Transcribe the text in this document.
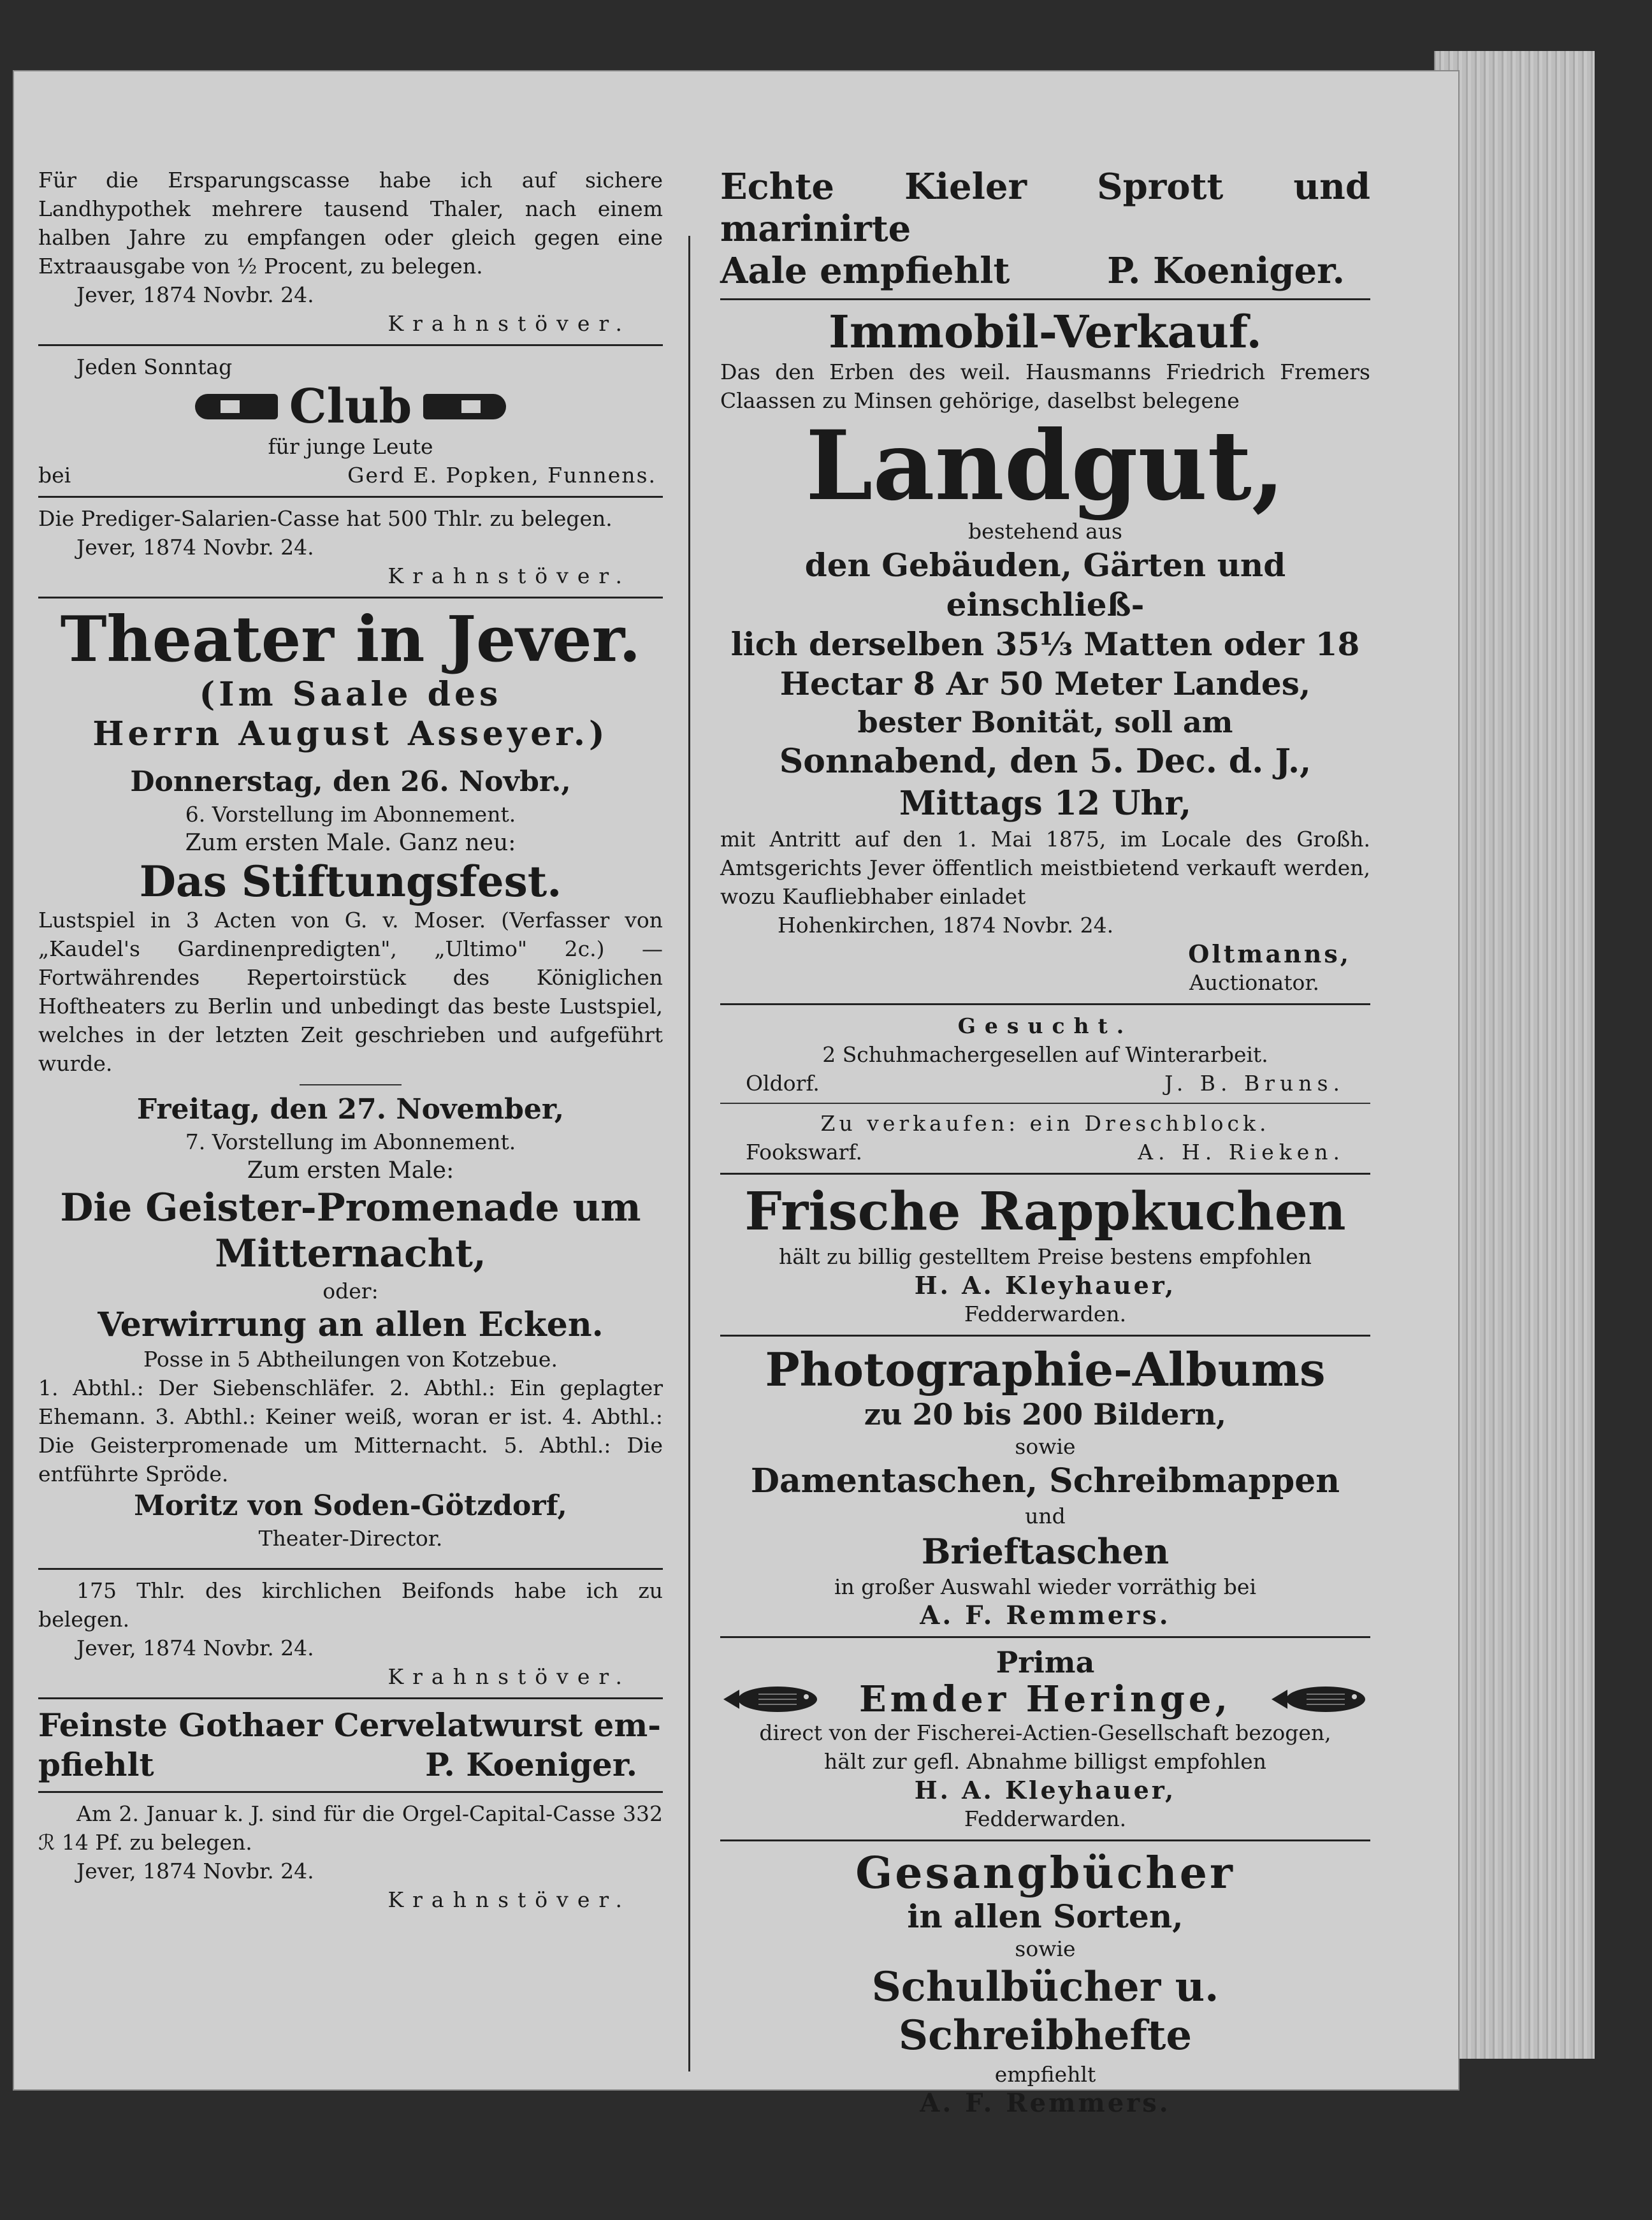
Für die Ersparungscasse habe ich auf sichere Landhypothek mehrere tausend Thaler, nach einem halben Jahre zu empfangen oder gleich gegen eine Extraausgabe von ½ Procent, zu belegen.

Jever, 1874 Novbr. 24.

Krahnstöver.

Jeden Sonntag

Club

für junge Leute

bei	Gerd E. Popken, Funnens.

Die Prediger-Salarien-Casse hat 500 Thlr. zu belegen.

Jever, 1874 Novbr. 24.

Krahnstöver.

Theater in Jever.

(Im Saale des

Herrn August Asseyer.)

Donnerstag, den 26. Novbr.,

6. Vorstellung im Abonnement.

Zum ersten Male. Ganz neu:

Das Stiftungsfest.

Lustspiel in 3 Acten von G. v. Moser. (Verfasser von „Kaudel's Gardinenpredigten", „Ultimo" 2c.) — Fortwährendes Repertoirstück des Königlichen Hoftheaters zu Berlin und unbedingt das beste Lustspiel, welches in der letzten Zeit geschrieben und aufgeführt wurde.

Freitag, den 27. November,

7. Vorstellung im Abonnement.

Zum ersten Male:

Die Geister-Promenade um

Mitternacht,

oder:

Verwirrung an allen Ecken.

Posse in 5 Abtheilungen von Kotzebue.

1. Abthl.: Der Siebenschläfer. 2. Abthl.: Ein geplagter Ehemann. 3. Abthl.: Keiner weiß, woran er ist. 4. Abthl.: Die Geisterpromenade um Mitternacht. 5. Abthl.: Die entführte Spröde.

Moritz von Soden-Götzdorf,

Theater-Director.

175 Thlr. des kirchlichen Beifonds habe ich zu belegen.

Jever, 1874 Novbr. 24.

Krahnstöver.

Feinste Gothaer Cervelatwurst em-

pfiehlt	P. Koeniger.

Am 2. Januar k. J. sind für die Orgel-Capital-Casse 332 ℛ 14 Pf. zu belegen.

Jever, 1874 Novbr. 24.

Krahnstöver.

Echte Kieler Sprott und marinirte

Aale empfiehlt	P. Koeniger.

Immobil-Verkauf.

Das den Erben des weil. Hausmanns Friedrich Fremers Claassen zu Minsen gehörige, daselbst belegene

Landgut,

bestehend aus

den Gebäuden, Gärten und einschließ-

lich derselben 35⅓ Matten oder 18

Hectar 8 Ar 50 Meter Landes,

bester Bonität, soll am

Sonnabend, den 5. Dec. d. J.,

Mittags 12 Uhr,

mit Antritt auf den 1. Mai 1875, im Locale des Großh. Amtsgerichts Jever öffentlich meistbietend verkauft werden, wozu Kaufliebhaber einladet

Hohenkirchen, 1874 Novbr. 24.

Oltmanns,

Auctionator.

Gesucht.

2 Schuhmachergesellen auf Winterarbeit.

Oldorf.	J. B. Bruns.

Zu verkaufen: ein Dreschblock.

Fookswarf.	A. H. Rieken.

Frische Rappkuchen

hält zu billig gestelltem Preise bestens empfohlen

H. A. Kleyhauer,

Fedderwarden.

Photographie-Albums

zu 20 bis 200 Bildern,

sowie

Damentaschen, Schreibmappen

und

Brieftaschen

in großer Auswahl wieder vorräthig bei

A. F. Remmers.

Prima

Emder Heringe,

direct von der Fischerei-Actien-Gesellschaft bezogen,

hält zur gefl. Abnahme billigst empfohlen

H. A. Kleyhauer,

Fedderwarden.

Gesangbücher

in allen Sorten,

sowie

Schulbücher u. Schreibhefte

empfiehlt

A. F. Remmers.
